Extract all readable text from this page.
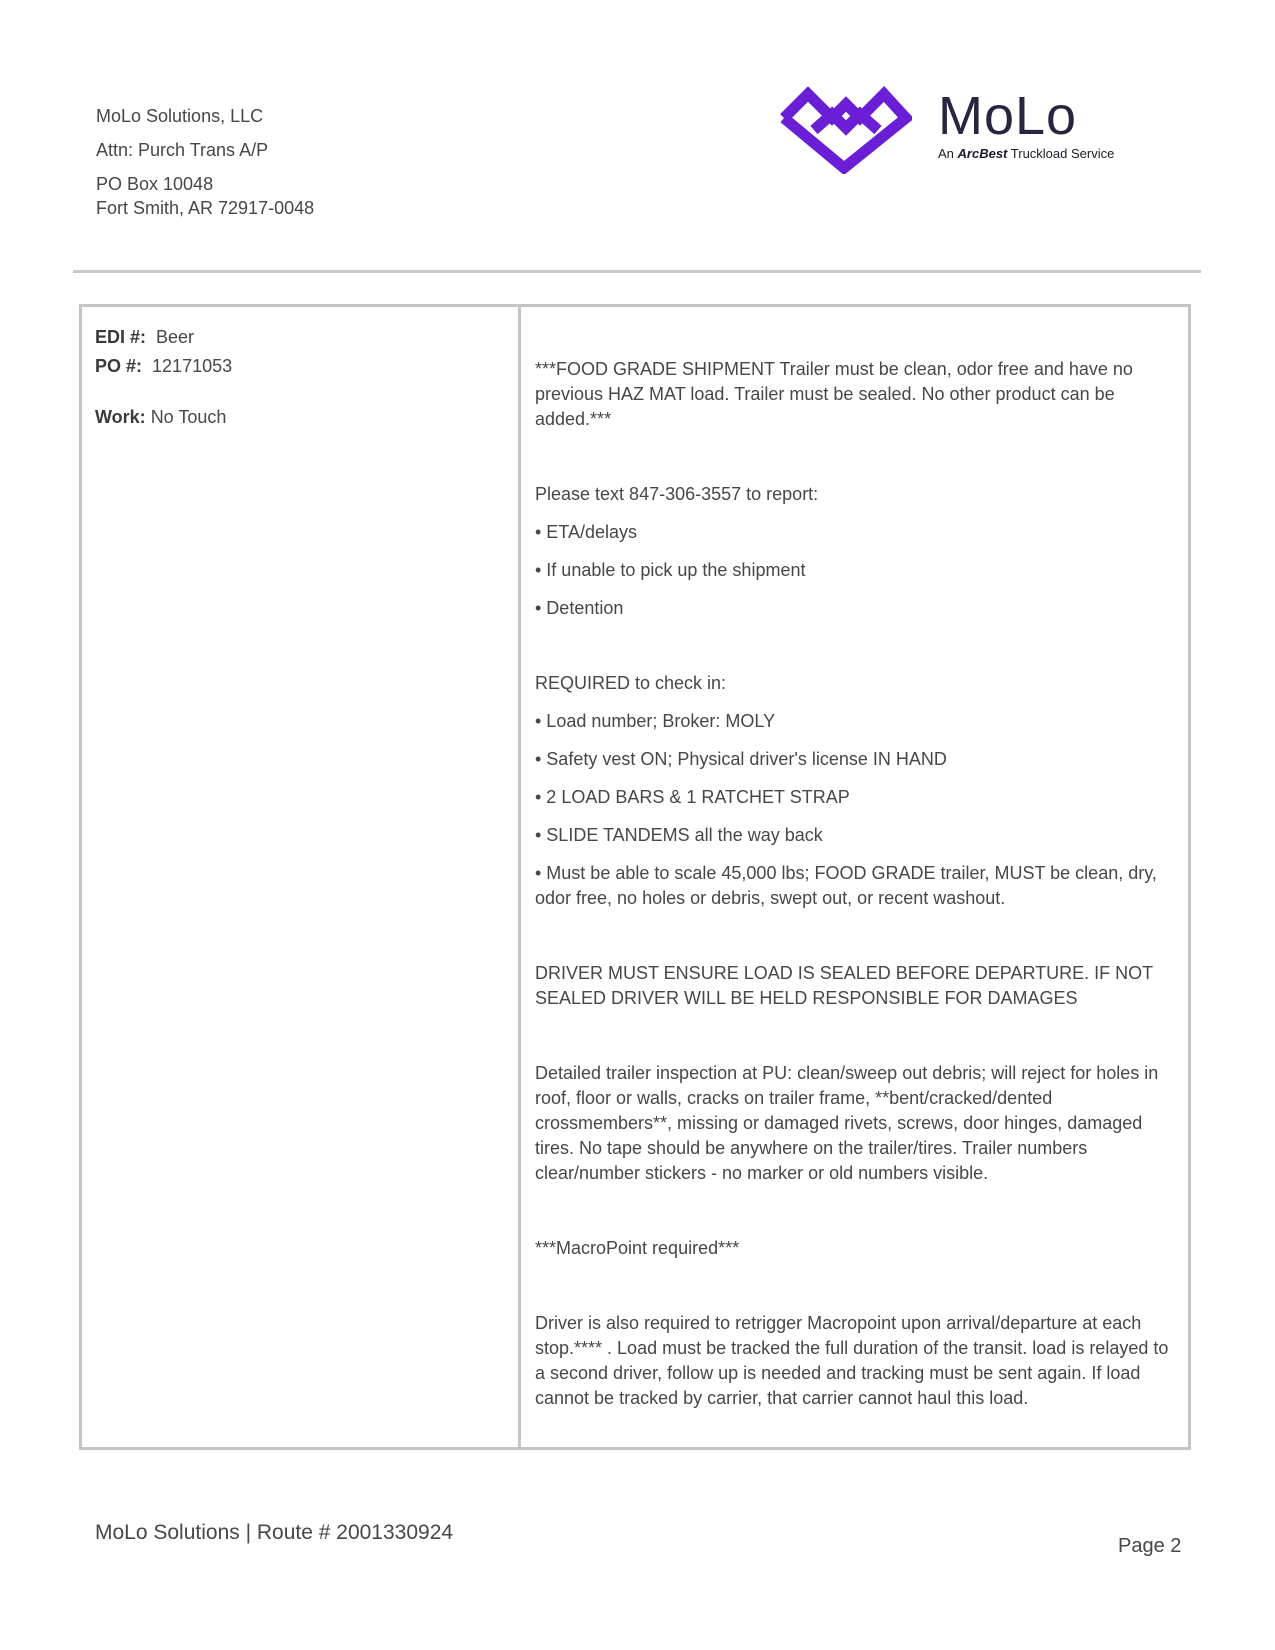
MoLo Solutions, LLC
Attn: Purch Trans A/P
PO Box 10048
Fort Smith, AR 72917-0048
MoLo
An ArcBest Truckload Service
EDI #: Beer
PO #: 12171053
Work: No Touch

***FOOD GRADE SHIPMENT Trailer must be clean, odor free and have no previous HAZ MAT load. Trailer must be sealed. No other product can be added.***

Please text 847-306-3557 to report:

• ETA/delays

• If unable to pick up the shipment

• Detention

REQUIRED to check in:

• Load number; Broker: MOLY

• Safety vest ON; Physical driver's license IN HAND

• 2 LOAD BARS & 1 RATCHET STRAP

• SLIDE TANDEMS all the way back

• Must be able to scale 45,000 lbs; FOOD GRADE trailer, MUST be clean, dry, odor free, no holes or debris, swept out, or recent washout.

DRIVER MUST ENSURE LOAD IS SEALED BEFORE DEPARTURE. IF NOT SEALED DRIVER WILL BE HELD RESPONSIBLE FOR DAMAGES

Detailed trailer inspection at PU: clean/sweep out debris; will reject for holes in roof, floor or walls, cracks on trailer frame, **bent/cracked/dented crossmembers**, missing or damaged rivets, screws, door hinges, damaged tires. No tape should be anywhere on the trailer/tires. Trailer numbers clear/number stickers - no marker or old numbers visible.

***MacroPoint required***

Driver is also required to retrigger Macropoint upon arrival/departure at each stop.**** . Load must be tracked the full duration of the transit. load is relayed to a second driver, follow up is needed and tracking must be sent again. If load cannot be tracked by carrier, that carrier cannot haul this load.

MoLo Solutions | Route # 2001330924
Page 2
